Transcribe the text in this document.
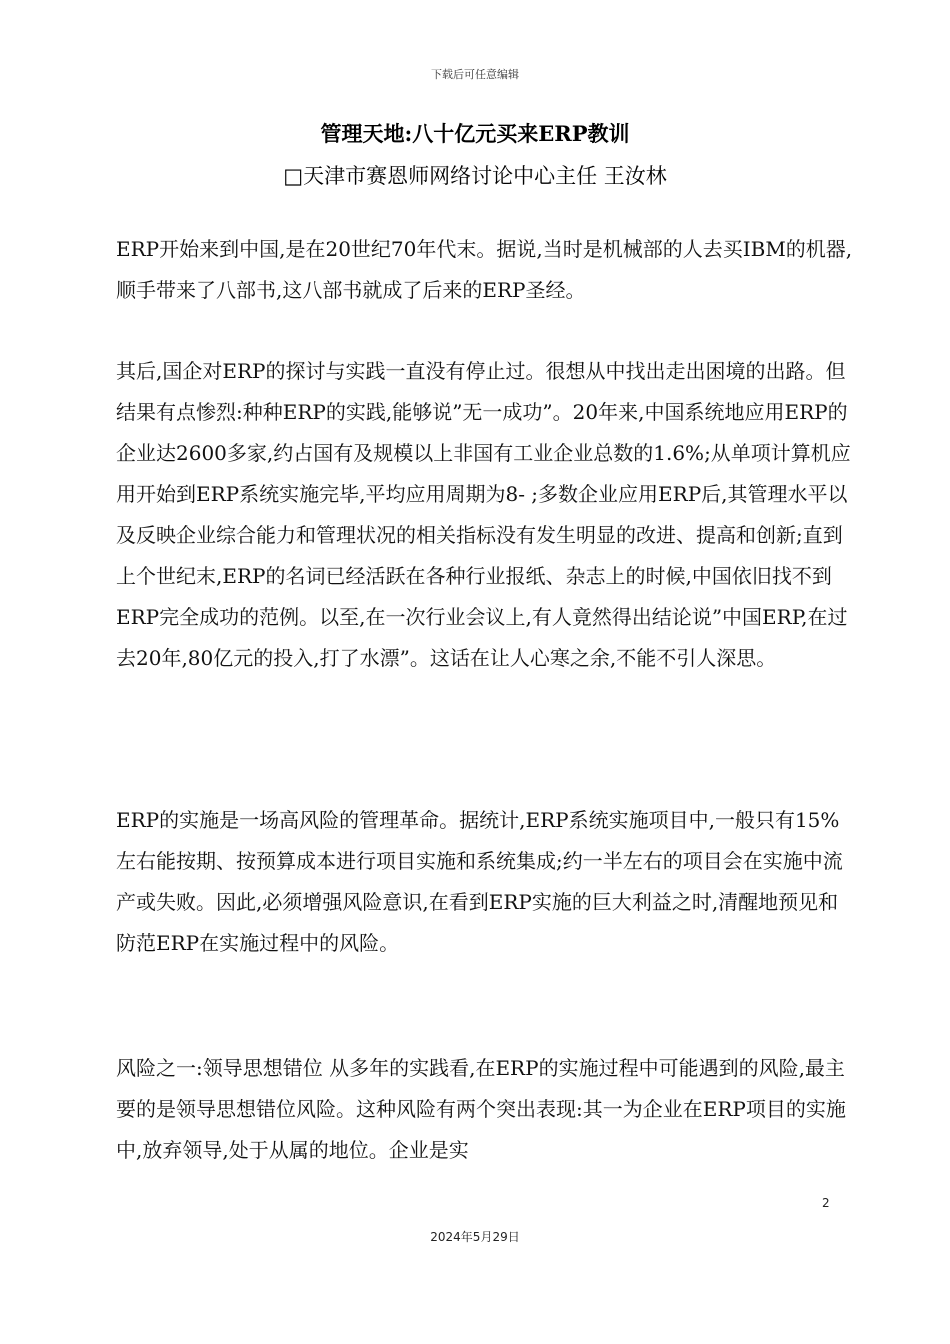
下载后可任意编辑
管理天地:八十亿元买来ERP教训
□天津市赛恩师网络讨论中心主任 王汝林

ERP开始来到中国,是在20世纪70年代末。据说,当时是机械部的人去买IBM的机器,顺手带来了八部书,这八部书就成了后来的ERP圣经。

其后,国企对ERP的探讨与实践一直没有停止过。很想从中找出走出困境的出路。但结果有点惨烈:种种ERP的实践,能够说”无一成功”。20年来,中国系统地应用ERP的企业达2600多家,约占国有及规模以上非国有工业企业总数的1.6%;从单项计算机应用开始到ERP系统实施完毕,平均应用周期为8- ;多数企业应用ERP后,其管理水平以及反映企业综合能力和管理状况的相关指标没有发生明显的改进、提高和创新;直到上个世纪末,ERP的名词已经活跃在各种行业报纸、杂志上的时候,中国依旧找不到ERP完全成功的范例。以至,在一次行业会议上,有人竟然得出结论说”中国ERP,在过去20年,80亿元的投入,打了水漂”。这话在让人心寒之余,不能不引人深思。

ERP的实施是一场高风险的管理革命。据统计,ERP系统实施项目中,一般只有15%左右能按期、按预算成本进行项目实施和系统集成;约一半左右的项目会在实施中流产或失败。因此,必须增强风险意识,在看到ERP实施的巨大利益之时,清醒地预见和防范ERP在实施过程中的风险。

风险之一:领导思想错位 从多年的实践看,在ERP的实施过程中可能遇到的风险,最主要的是领导思想错位风险。这种风险有两个突出表现:其一为企业在ERP项目的实施中,放弃领导,处于从属的地位。企业是实

2
2024年5月29日
